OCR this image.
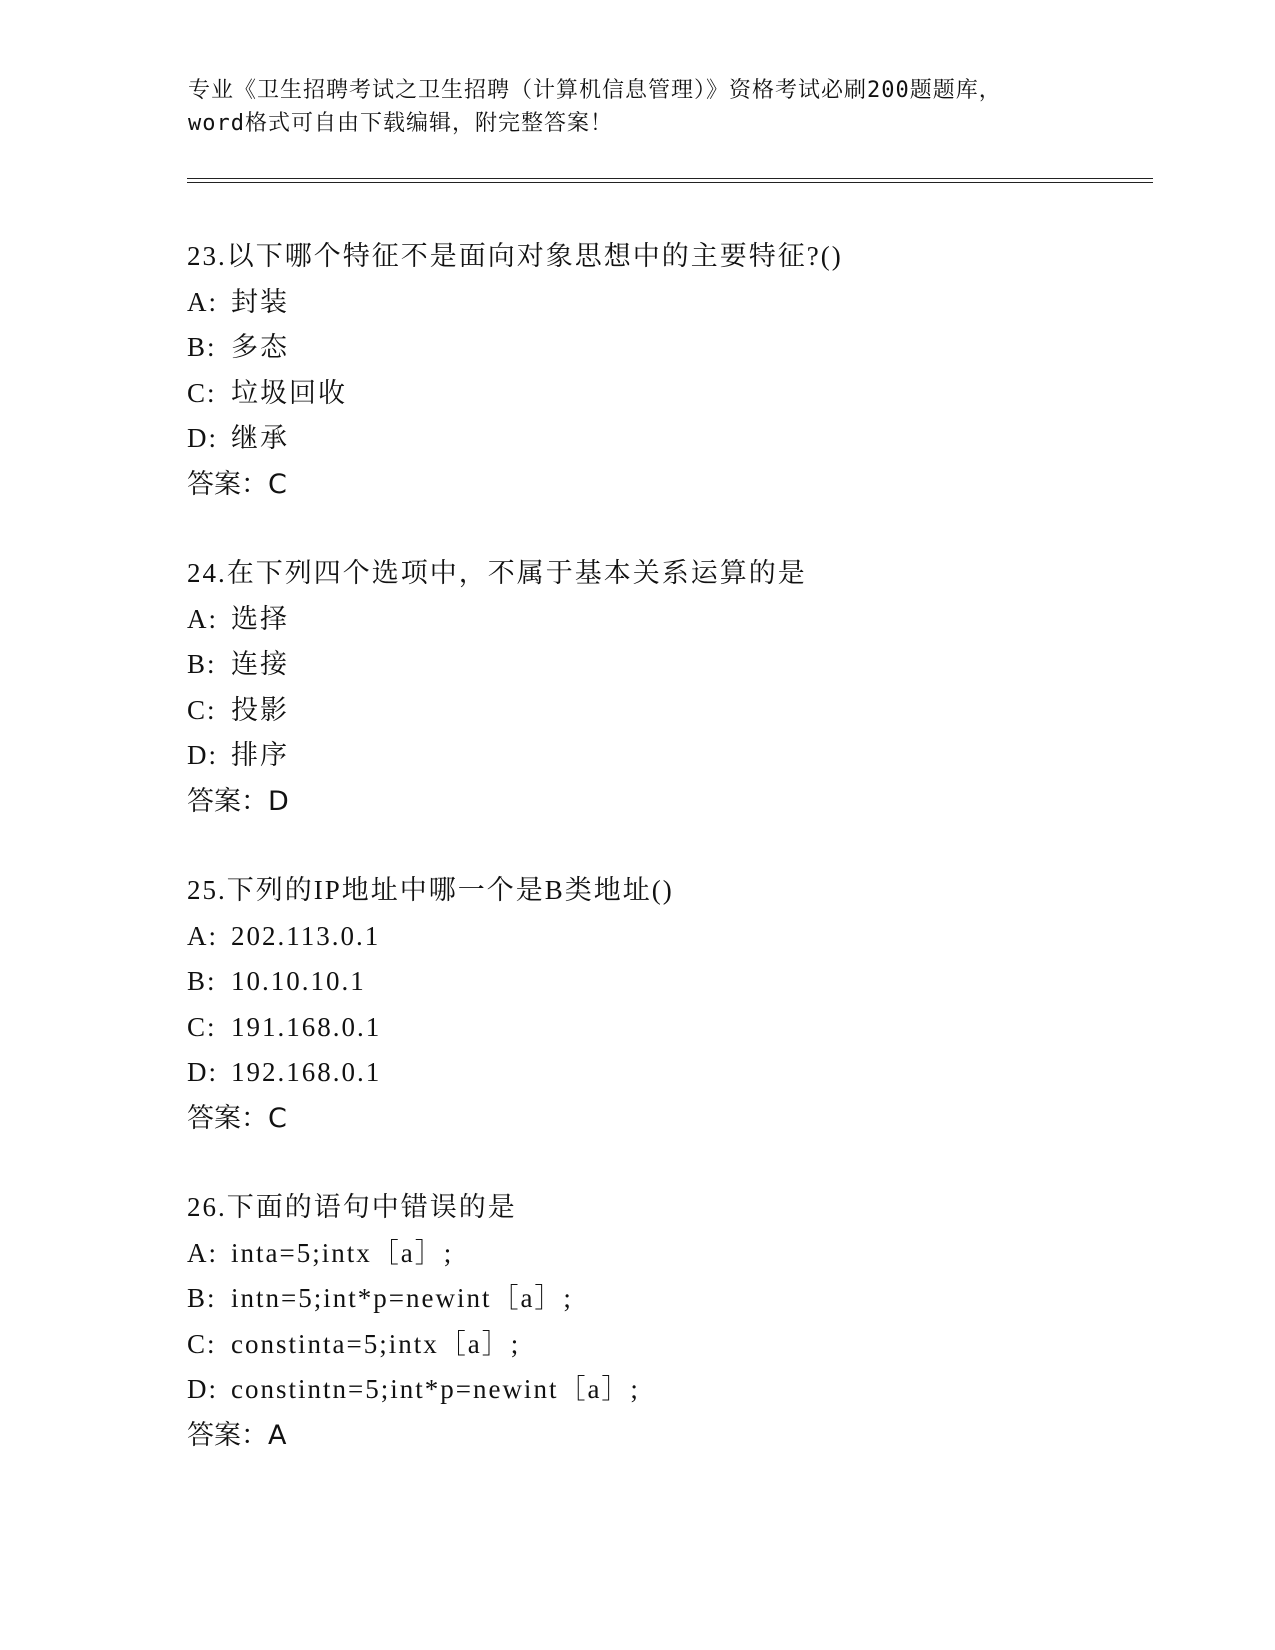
专业《卫生招聘考试之卫生招聘（计算机信息管理）》资格考试必刷200题题库，
word格式可自由下载编辑，附完整答案！
23.以下哪个特征不是面向对象思想中的主要特征?()
A: 封装
B: 多态
C: 垃圾回收
D: 继承
答案：C
24.在下列四个选项中，不属于基本关系运算的是
A: 选择
B: 连接
C: 投影
D: 排序
答案：D
25.下列的IP地址中哪一个是B类地址()
A: 202.113.0.1
B: 10.10.10.1
C: 191.168.0.1
D: 192.168.0.1
答案：C
26.下面的语句中错误的是
A: inta=5;intx［a］;
B: intn=5;int*p=newint［a］;
C: constinta=5;intx［a］;
D: constintn=5;int*p=newint［a］;
答案：A
